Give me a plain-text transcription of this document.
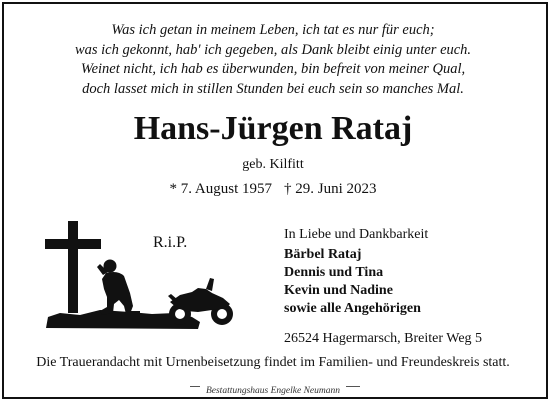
Was ich getan in meinem Leben, ich tat es nur für euch;
was ich gekonnt, hab' ich gegeben, als Dank bleibt einig unter euch.
Weinet nicht, ich hab es überwunden, bin befreit von meiner Qual,
doch lasset mich in stillen Stunden bei euch sein so manches Mal.
Hans-Jürgen Rataj
geb. Kilfitt
* 7. August 1957 † 29. Juni 2023
R.i.P.	In Liebe und Dankbarkeit
Bärbel Rataj
Dennis und Tina
Kevin und Nadine
sowie alle Angehörigen
26524 Hagermarsch, Breiter Weg 5
Die Trauerandacht mit Urnenbeisetzung findet im Familien- und Freundeskreis statt.
Bestattungshaus Engelke Neumann
